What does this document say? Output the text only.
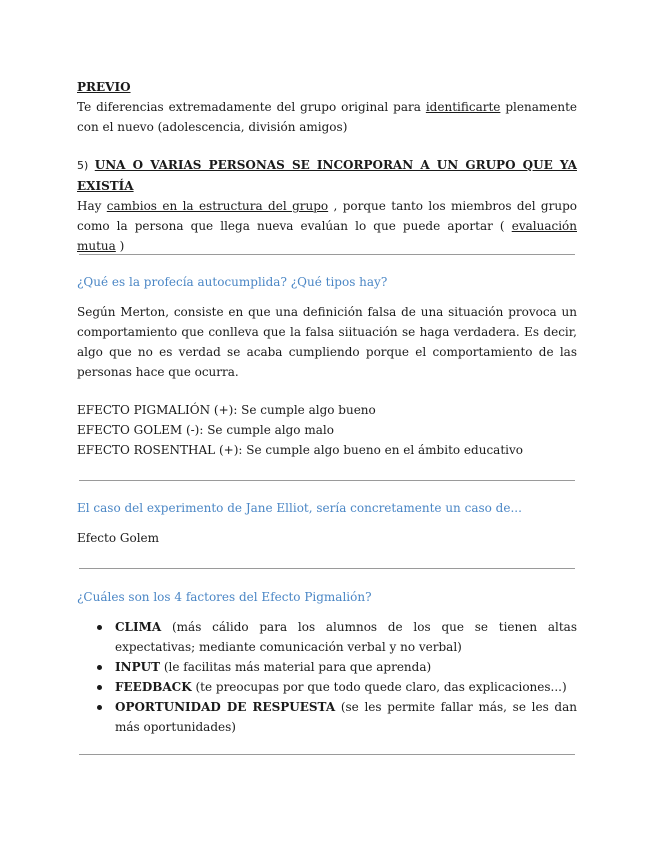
PREVIO

Te diferencias extremadamente del grupo original para identificarte plenamente con el nuevo (adolescencia, división amigos)

5) UNA O VARIAS PERSONAS SE INCORPORAN A UN GRUPO QUE YA EXISTÍA

Hay cambios en la estructura del grupo , porque tanto los miembros del grupo como la persona que llega nueva evalúan lo que puede aportar ( evaluación mutua )

¿Qué es la profecía autocumplida? ¿Qué tipos hay?

Según Merton, consiste en que una definición falsa de una situación provoca un comportamiento que conlleva que la falsa siituación se haga verdadera. Es decir, algo que no es verdad se acaba cumpliendo porque el comportamiento de las personas hace que ocurra.

EFECTO PIGMALIÓN (+): Se cumple algo bueno

EFECTO GOLEM (-): Se cumple algo malo

EFECTO ROSENTHAL (+): Se cumple algo bueno en el ámbito educativo

El caso del experimento de Jane Elliot, sería concretamente un caso de...

Efecto Golem

¿Cuáles son los 4 factores del Efecto Pigmalión?

CLIMA (más cálido para los alumnos de los que se tienen altas expectativas; mediante comunicación verbal y no verbal)
INPUT (le facilitas más material para que aprenda)
FEEDBACK (te preocupas por que todo quede claro, das explicaciones...)
OPORTUNIDAD DE RESPUESTA (se les permite fallar más, se les dan más oportunidades)
